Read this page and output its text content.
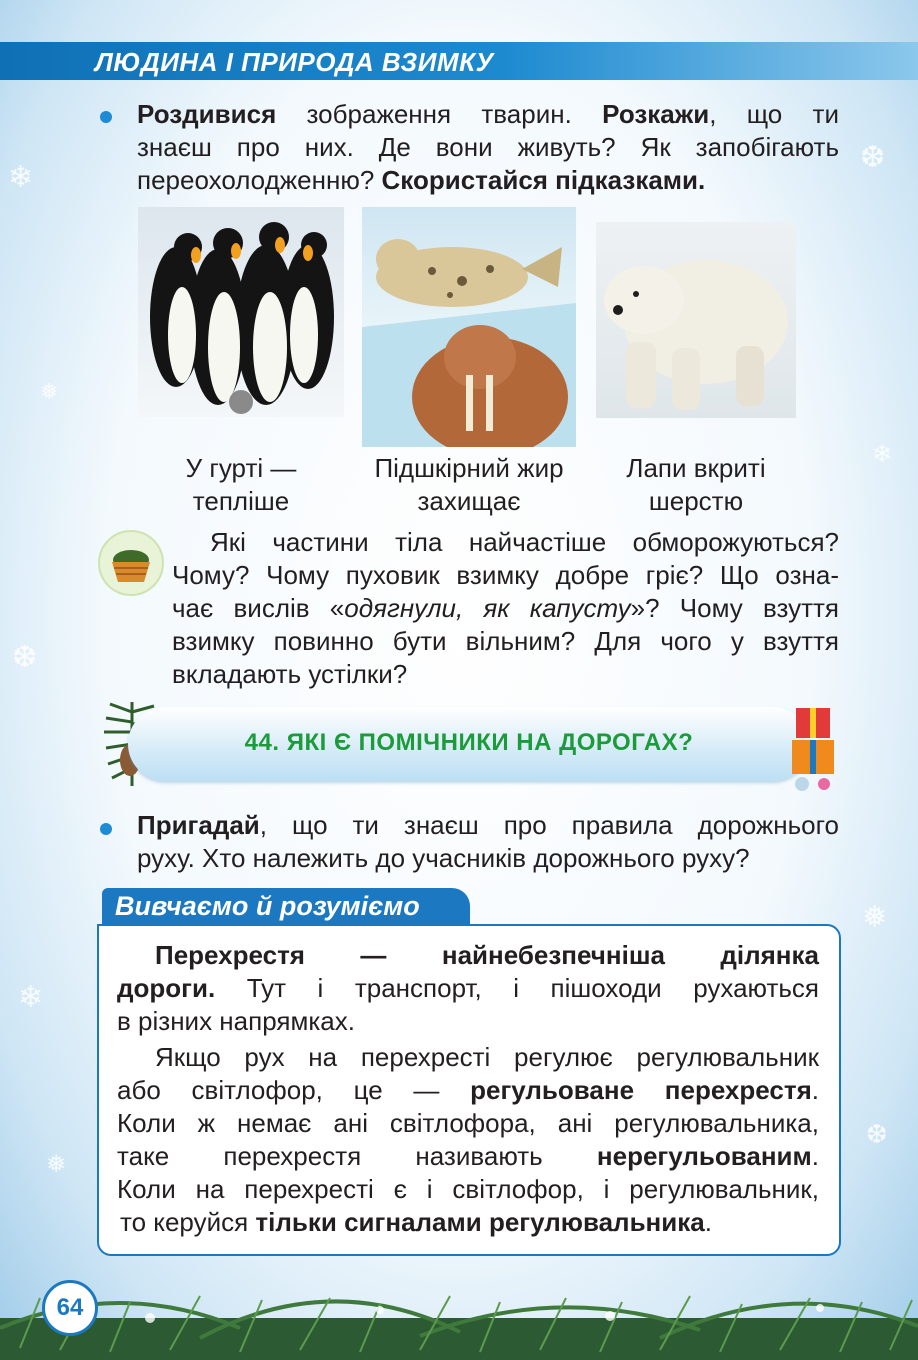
❄
❅
❆
❄
❅
❆
❄
❅
❆
ЛЮДИНА І ПРИРОДА ВЗИМКУ
Роздивися зображення тварин. Розкажи, що ти
знаєш про них. Де вони живуть? Як запобігають
переохолодженню? Скористайся підказками.
У гурті —
тепліше
Підшкірний жир
захищає
Лапи вкриті
шерстю
Які частини тіла найчастіше обморожуються?
Чому? Чому пуховик взимку добре гріє? Що озна-
чає вислів «одягнули, як капусту»? Чому взуття
взимку повинно бути вільним? Для чого у взуття
вкладають устілки?
44. ЯКІ Є ПОМІЧНИКИ НА ДОРОГАХ?
Пригадай, що ти знаєш про правила дорожнього
руху. Хто належить до учасників дорожнього руху?
Вивчаємо й розуміємо
Перехрестя — найнебезпечніша ділянка
дороги. Тут і транспорт, і пішоходи рухаються
в різних напрямках.
Якщо рух на перехресті регулює регулювальник
або світлофор, це — регульоване перехрестя.
Коли ж немає ані світлофора, ані регулювальника,
таке перехрестя називають нерегульованим.
Коли на перехресті є і світлофор, і регулювальник,
то керуйся тільки сигналами регулювальника.
64
